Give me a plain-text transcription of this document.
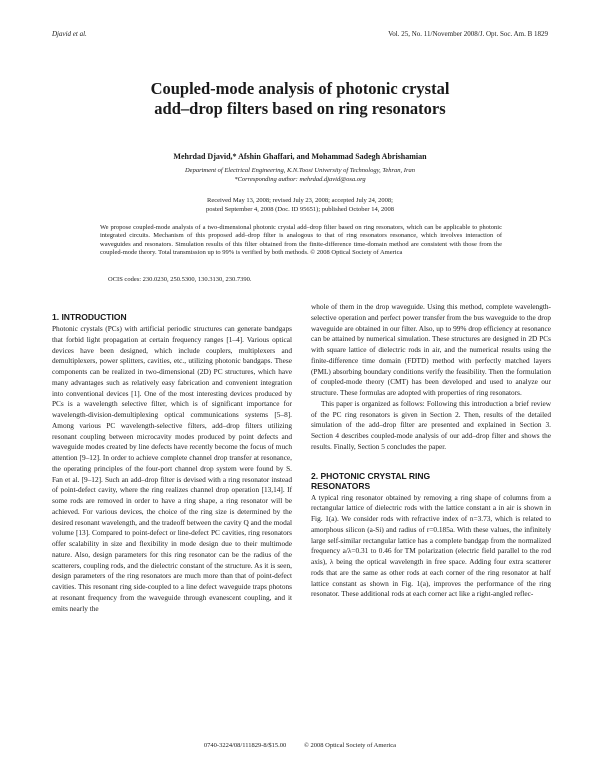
Djavid et al.	Vol. 25, No. 11/November 2008/J. Opt. Soc. Am. B 1829
Coupled-mode analysis of photonic crystal
add–drop filters based on ring resonators
Mehrdad Djavid,* Afshin Ghaffari, and Mohammad Sadegh Abrishamian
Department of Electrical Engineering, K.N.Toosi University of Technology, Tehran, Iran
*Corresponding author: mehrdad.djavid@osa.org
Received May 13, 2008; revised July 23, 2008; accepted July 24, 2008;
posted September 4, 2008 (Doc. ID 95651); published October 14, 2008
We propose coupled-mode analysis of a two-dimensional photonic crystal add–drop filter based on ring resonators, which can be applicable to photonic integrated circuits. Mechanism of this proposed add–drop filter is analogous to that of ring resonators resonance, which involves interaction of waveguides and resonators. Simulation results of this filter obtained from the finite-difference time-domain method are consistent with those from the coupled-mode theory. Total transmission up to 99% is verified by both methods. © 2008 Optical Society of America
OCIS codes: 230.0230, 250.5300, 130.3130, 230.7390.
1. INTRODUCTION

Photonic crystals (PCs) with artificial periodic structures can generate bandgaps that forbid light propagation at certain frequency ranges [1–4]. Various optical devices have been designed, which include couplers, multiplexers and demultiplexers, power splitters, cavities, etc., utilizing photonic bandgaps. These components can be realized in two-dimensional (2D) PC structures, which have many advantages such as relatively easy fabrication and convenient integration into conventional devices [1]. One of the most interesting devices produced by PCs is a wavelength selective filter, which is of significant importance for wavelength-division-demultiplexing optical communications systems [5–8]. Among various PC wavelength-selective filters, add–drop filters utilizing resonant coupling between microcavity modes produced by point defects and waveguide modes created by line defects have recently become the focus of much attention [9–12]. In order to achieve complete channel drop transfer at resonance, the operating principles of the four-port channel drop system were found by S. Fan et al. [9–12]. Such an add–drop filter is devised with a ring resonator instead of point-defect cavity, where the ring realizes channel drop operation [13,14]. If some rods are removed in order to have a ring shape, a ring resonator will be achieved. For various devices, the choice of the ring size is determined by the desired resonant wavelength, and the tradeoff between the cavity Q and the modal volume [13]. Compared to point-defect or line-defect PC cavities, ring resonators offer scalability in size and flexibility in mode design due to their multimode nature. Also, design parameters for this ring resonator can be the radius of the scatterers, coupling rods, and the dielectric constant of the structure. As it is seen, design parameters of the ring resonators are much more than that of point-defect cavities. This resonant ring side-coupled to a line defect waveguide traps photons at resonant frequency from the waveguide through evanescent coupling, and it emits nearly the

whole of them in the drop waveguide. Using this method, complete wavelength-selective operation and perfect power transfer from the bus waveguide to the drop waveguide are obtained in our filter. Also, up to 99% drop efficiency at resonance can be attained by numerical simulation. These structures are designed in 2D PCs with square lattice of dielectric rods in air, and the numerical results using the finite-difference time domain (FDTD) method with perfectly matched layers (PML) absorbing boundary conditions verify the feasibility. Then the formulation of coupled-mode theory (CMT) has been developed and used to analyze our structure. These formulas are adopted with properties of ring resonators.

This paper is organized as follows: Following this introduction a brief review of the PC ring resonators is given in Section 2. Then, results of the detailed simulation of the add–drop filter are presented and explained in Section 3. Section 4 describes coupled-mode analysis of our add–drop filter and shows the results. Finally, Section 5 concludes the paper.

2. PHOTONIC CRYSTAL RING
RESONATORS

A typical ring resonator obtained by removing a ring shape of columns from a rectangular lattice of dielectric rods with the lattice constant a in air is shown in Fig. 1(a). We consider rods with refractive index of n=3.73, which is related to amorphous silicon (a-Si) and radius of r=0.185a. With these values, the infinitely large self-similar rectangular lattice has a complete bandgap from the normalized frequency a/λ=0.31 to 0.46 for TM polarization (electric field parallel to the rod axis), λ being the optical wavelength in free space. Adding four extra scatterer rods that are the same as other rods at each corner of the ring resonator at half lattice constant as shown in Fig. 1(a), improves the performance of the ring resonator. These additional rods at each corner act like a right-angled reflec-

0740-3224/08/111829-8/$15.00	© 2008 Optical Society of America
